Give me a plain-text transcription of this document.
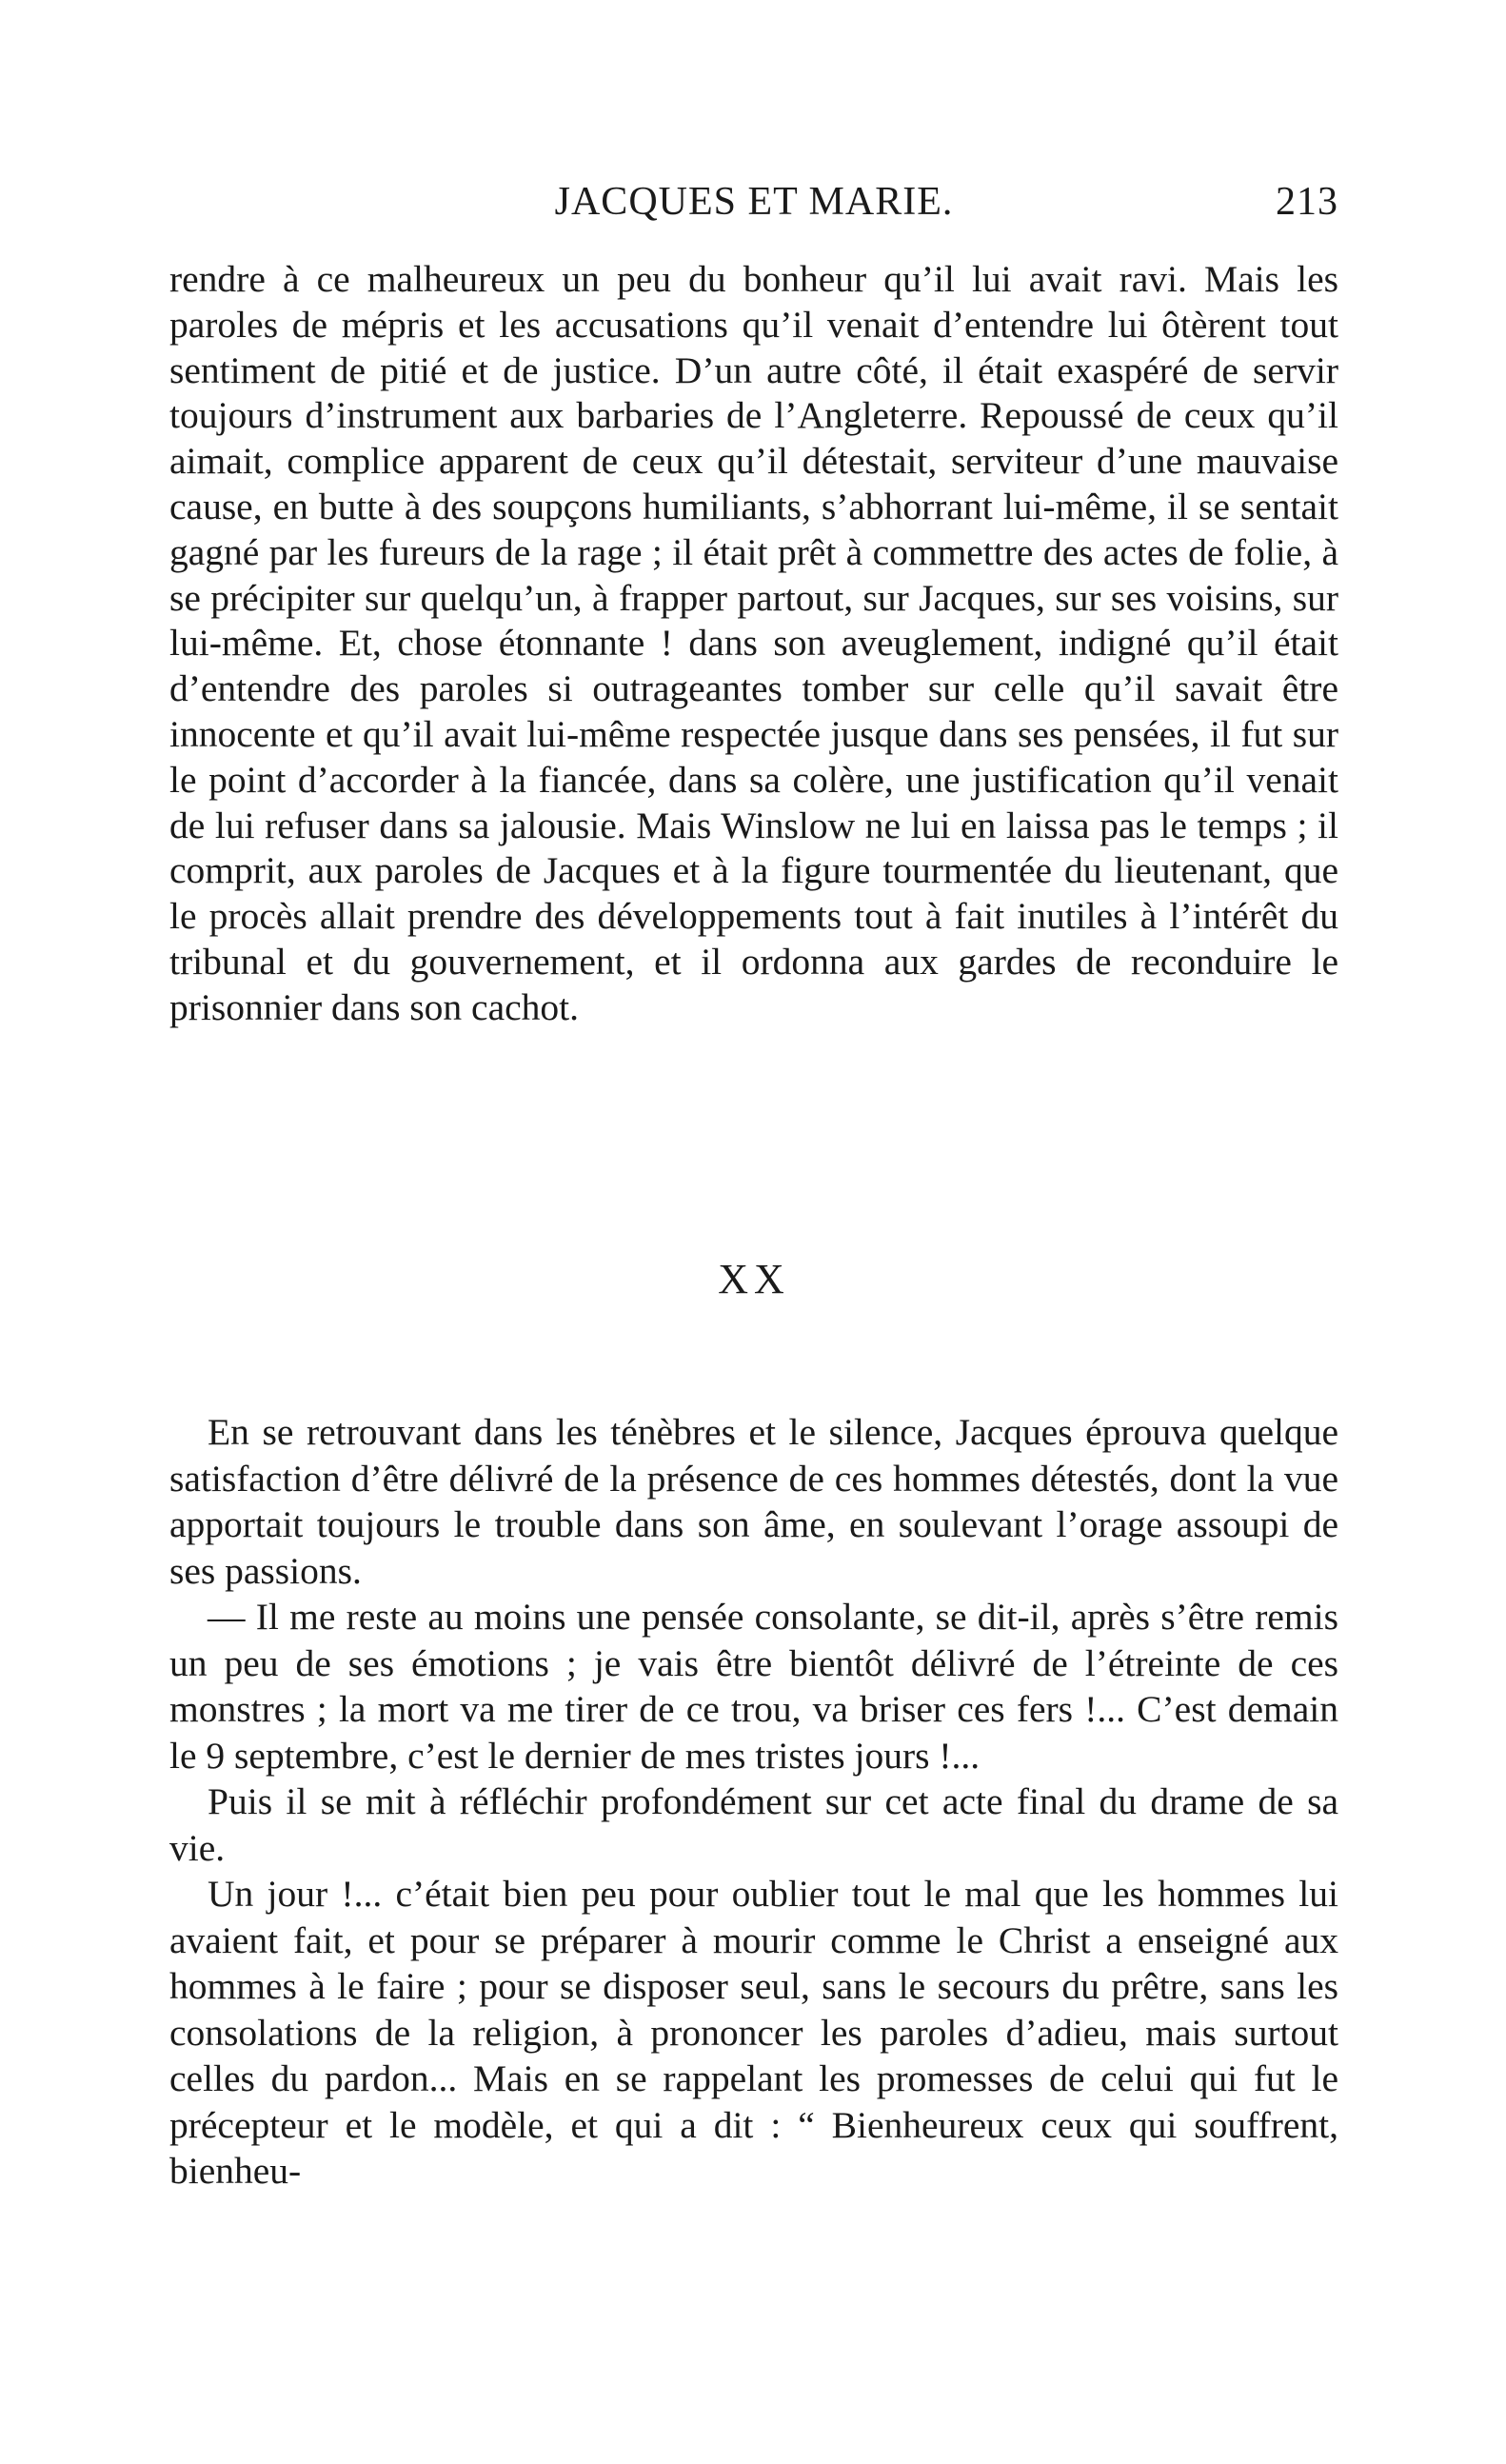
JACQUES ET MARIE.	213

rendre à ce malheureux un peu du bonheur qu’il lui avait ravi. Mais les paroles de mépris et les accusations qu’il venait d’entendre lui ôtèrent tout sentiment de pitié et de justice. D’un autre côté, il était exaspéré de servir toujours d’instrument aux barbaries de l’Angleterre. Repoussé de ceux qu’il aimait, complice apparent de ceux qu’il détestait, serviteur d’une mauvaise cause, en butte à des soupçons humiliants, s’abhorrant lui-même, il se sentait gagné par les fureurs de la rage ; il était prêt à commettre des actes de folie, à se précipiter sur quelqu’un, à frapper partout, sur Jacques, sur ses voisins, sur lui-même. Et, chose étonnante ! dans son aveuglement, indigné qu’il était d’entendre des paroles si outrageantes tomber sur celle qu’il savait être innocente et qu’il avait lui-même respectée jusque dans ses pensées, il fut sur le point d’accorder à la fiancée, dans sa colère, une justification qu’il venait de lui refuser dans sa jalousie. Mais Winslow ne lui en laissa pas le temps ; il comprit, aux paroles de Jacques et à la figure tourmentée du lieutenant, que le procès allait prendre des développements tout à fait inutiles à l’intérêt du tribunal et du gouvernement, et il ordonna aux gardes de reconduire le prisonnier dans son cachot.

XX

En se retrouvant dans les ténèbres et le silence, Jacques éprouva quelque satisfaction d’être délivré de la présence de ces hommes détestés, dont la vue apportait toujours le trouble dans son âme, en soulevant l’orage assoupi de ses passions.

— Il me reste au moins une pensée consolante, se dit-il, après s’être remis un peu de ses émotions ; je vais être bientôt délivré de l’étreinte de ces monstres ; la mort va me tirer de ce trou, va briser ces fers !... C’est demain le 9 septembre, c’est le dernier de mes tristes jours !...

Puis il se mit à réfléchir profondément sur cet acte final du drame de sa vie.

Un jour !... c’était bien peu pour oublier tout le mal que les hommes lui avaient fait, et pour se préparer à mourir comme le Christ a enseigné aux hommes à le faire ; pour se disposer seul, sans le secours du prêtre, sans les consolations de la religion, à prononcer les paroles d’adieu, mais surtout celles du pardon... Mais en se rappelant les promesses de celui qui fut le précepteur et le modèle, et qui a dit : “ Bienheureux ceux qui souffrent, bienheu-
